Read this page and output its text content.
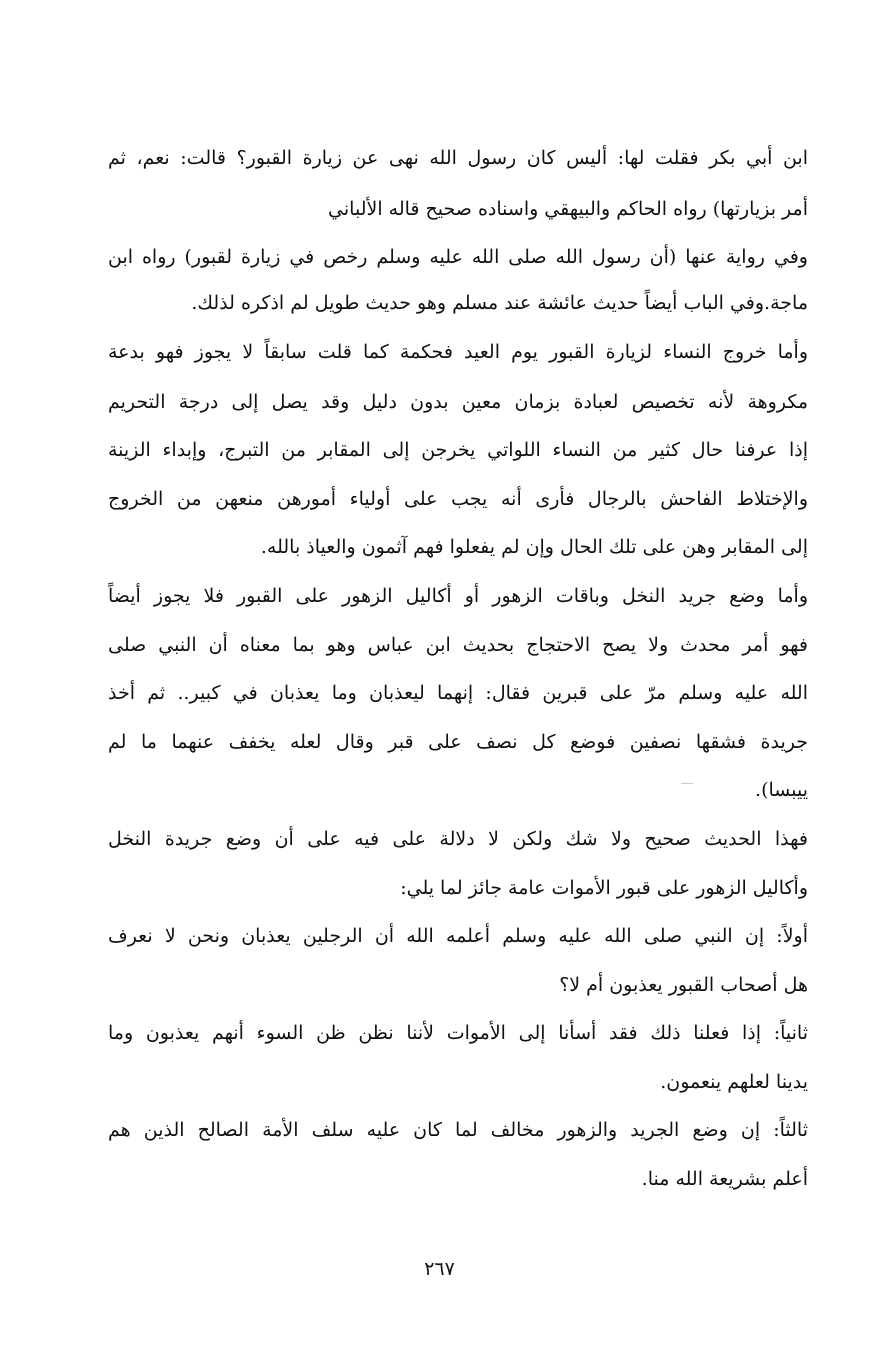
ابن أبي بكر فقلت لها: أليس كان رسول الله نهى عن زيارة القبور؟ قالت: نعم، ثم
أمر بزيارتها) رواه الحاكم والبيهقي واسناده صحيح قاله الألباني
وفي رواية عنها (أن رسول الله صلى الله عليه وسلم رخص في زيارة لقبور) رواه ابن
ماجة.وفي الباب أيضاً حديث عائشة عند مسلم وهو حديث طويل لم اذكره لذلك.
وأما خروج النساء لزيارة القبور يوم العيد فحكمة كما قلت سابقاً لا يجوز فهو بدعة
مكروهة لأنه تخصيص لعبادة بزمان معين بدون دليل وقد يصل إلى درجة التحريم
إذا عرفنا حال كثير من النساء اللواتي يخرجن إلى المقابر من التبرج، وإبداء الزينة
والإختلاط الفاحش بالرجال فأرى أنه يجب على أولياء أمورهن منعهن من الخروج
إلى المقابر وهن على تلك الحال وإن لم يفعلوا فهم آثمون والعياذ بالله.
وأما وضع جريد النخل وباقات الزهور أو أكاليل الزهور على القبور فلا يجوز أيضاً
فهو أمر محدث ولا يصح الاحتجاج بحديث ابن عباس وهو بما معناه أن النبي صلى
الله عليه وسلم مرّ على قبرين فقال: إنهما ليعذبان وما يعذبان في كبير.. ثم أخذ
جريدة فشقها نصفين فوضع كل نصف على قبر وقال لعله يخفف عنهما ما لم
ييبسا).
فهذا الحديث صحيح ولا شك ولكن لا دلالة على فيه على أن وضع جريدة النخل
وأكاليل الزهور على قبور الأموات عامة جائز لما يلي:
أولاً: إن النبي صلى الله عليه وسلم أعلمه الله أن الرجلين يعذبان ونحن لا نعرف
هل أصحاب القبور يعذبون أم لا؟
ثانياً: إذا فعلنا ذلك فقد أسأنا إلى الأموات لأننا نظن ظن السوء أنهم يعذبون وما
يدينا لعلهم ينعمون.
ثالثاً: إن وضع الجريد والزهور مخالف لما كان عليه سلف الأمة الصالح الذين هم
أعلم بشريعة الله منا.
٢٦٧
